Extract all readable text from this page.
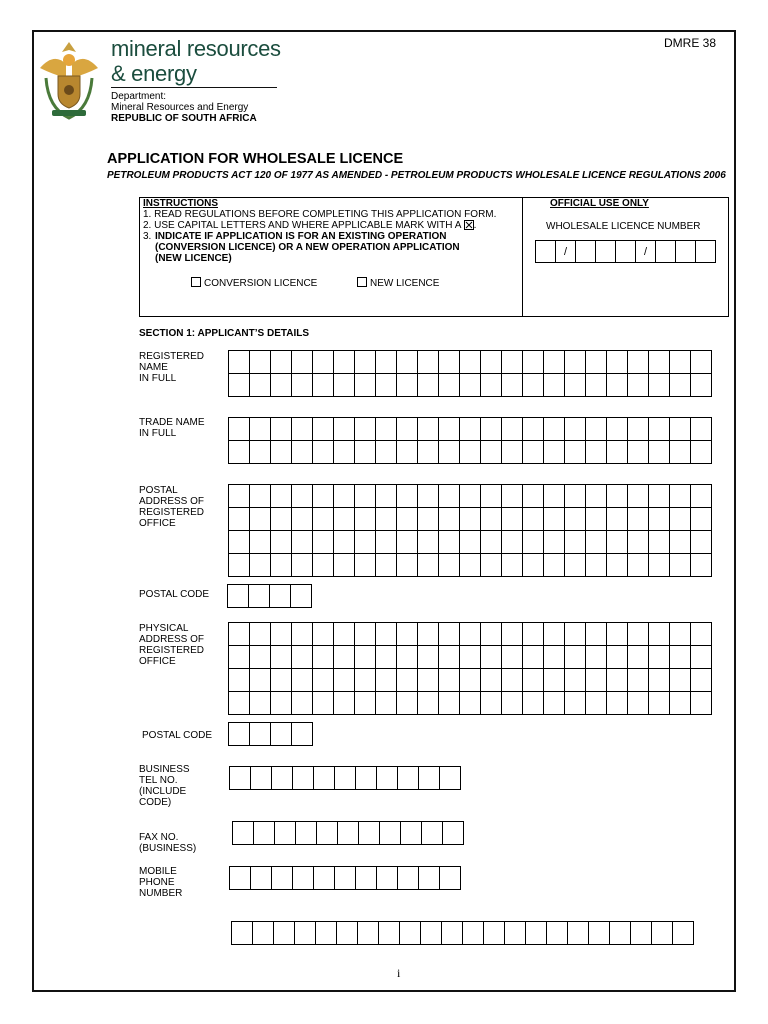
DMRE 38
mineral resources
& energy
Department:
Mineral Resources and Energy
REPUBLIC OF SOUTH AFRICA
APPLICATION FOR WHOLESALE LICENCE
PETROLEUM PRODUCTS ACT 120 OF 1977 AS AMENDED - PETROLEUM PRODUCTS WHOLESALE LICENCE REGULATIONS 2006
INSTRUCTIONS
1. READ REGULATIONS BEFORE COMPLETING THIS APPLICATION FORM.
2. USE CAPITAL LETTERS AND WHERE APPLICABLE MARK WITH A .
3. INDICATE IF APPLICATION IS FOR AN EXISTING OPERATION
(CONVERSION LICENCE) OR A NEW OPERATION APPLICATION
(NEW LICENCE)
CONVERSION LICENCE	NEW LICENCE
OFFICIAL USE ONLY
WHOLESALE LICENCE NUMBER
	/				/			
SECTION 1: APPLICANT’S DETAILS
REGISTERED
NAME
IN FULL
TRADE NAME
IN FULL
POSTAL
ADDRESS OF
REGISTERED
OFFICE
POSTAL CODE
PHYSICAL
ADDRESS OF
REGISTERED
OFFICE
POSTAL CODE
BUSINESS
TEL NO.
(INCLUDE
CODE)
FAX NO.
(BUSINESS)
MOBILE
PHONE
NUMBER
i
